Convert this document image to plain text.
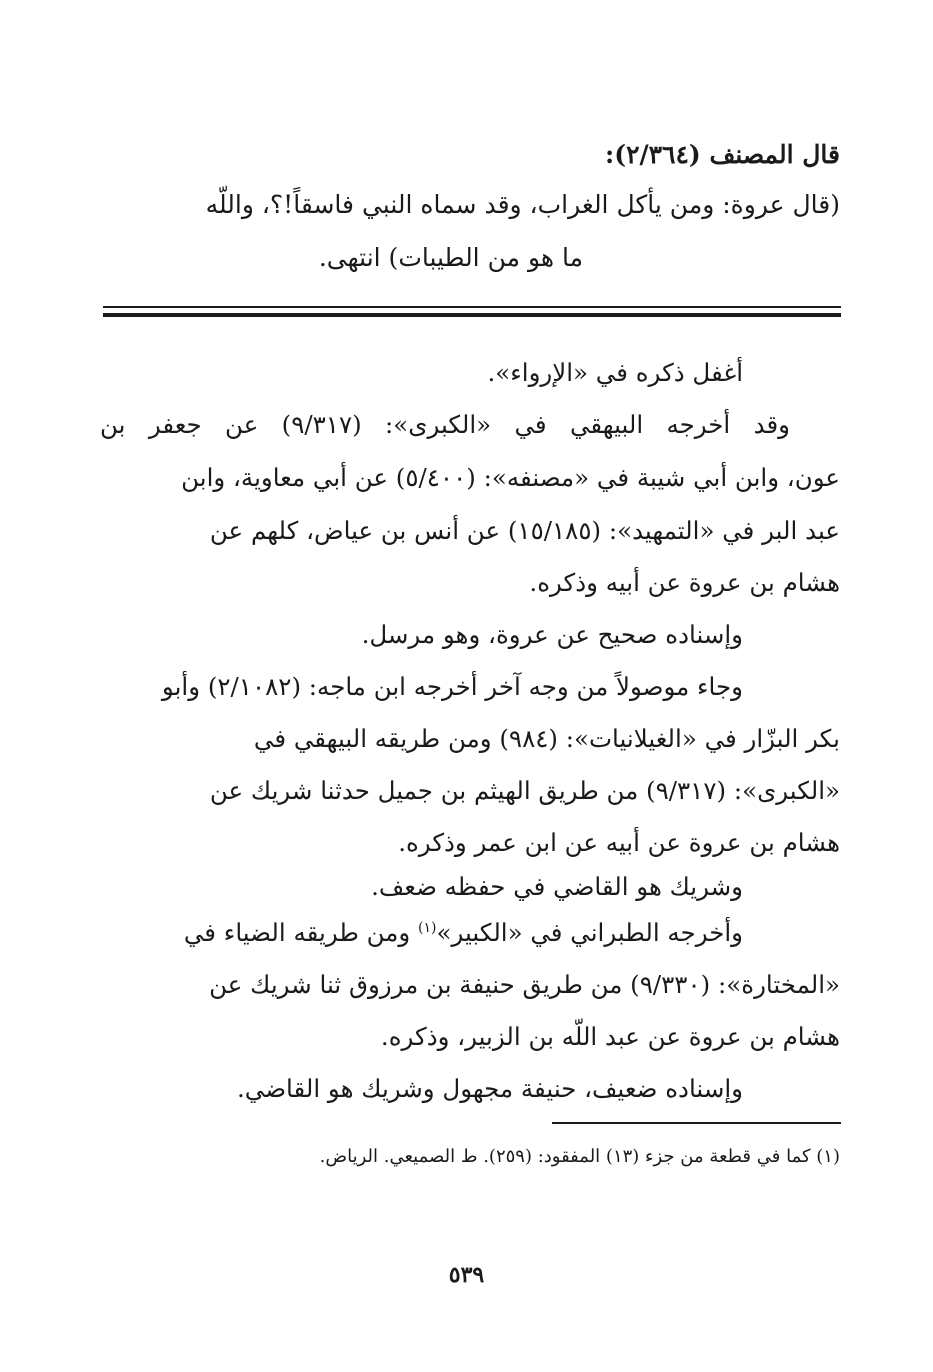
قال المصنف (٢/٣٦٤):
(قال عروة: ومن يأكل الغراب، وقد سماه النبي فاسقاً!؟، واللّه
ما هو من الطيبات) انتهى.
أغفل ذكره في «الإرواء».
وقد أخرجه البيهقي في «الكبرى»: (٩/٣١٧) عن جعفر بن
عون، وابن أبي شيبة في «مصنفه»: (٥/٤٠٠) عن أبي معاوية، وابن
عبد البر في «التمهيد»: (١٥/١٨٥) عن أنس بن عياض، كلهم عن
هشام بن عروة عن أبيه وذكره.
وإسناده صحيح عن عروة، وهو مرسل.
وجاء موصولاً من وجه آخر أخرجه ابن ماجه: (٢/١٠٨٢) وأبو
بكر البزّار في «الغيلانيات»: (٩٨٤) ومن طريقه البيهقي في
«الكبرى»: (٩/٣١٧) من طريق الهيثم بن جميل حدثنا شريك عن
هشام بن عروة عن أبيه عن ابن عمر وذكره.
وشريك هو القاضي في حفظه ضعف.
وأخرجه الطبراني في «الكبير»$^{(١)}$ ومن طريقه الضياء في
«المختارة»: (٩/٣٣٠) من طريق حنيفة بن مرزوق ثنا شريك عن
هشام بن عروة عن عبد اللّه بن الزبير، وذكره.
وإسناده ضعيف، حنيفة مجهول وشريك هو القاضي.
(١) كما في قطعة من جزء (١٣) المفقود: (٢٥٩). ط الصميعي. الرياض.
٥٣٩
